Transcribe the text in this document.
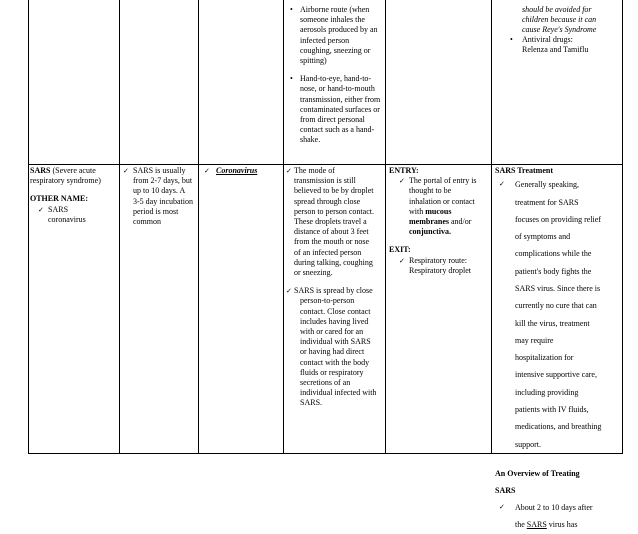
• Airborne route (when
someone inhales the
aerosols produced by an
infected person
coughing, sneezing or
spitting)
• Hand-to-eye, hand-to-
nose, or hand-to-mouth
transmission, either from
contaminated surfaces or
from direct personal
contact such as a hand-
shake.
should be avoided for
children because it can
cause Reye's Syndrome
• Antiviral drugs:
Relenza and Tamiflu
SARS (Severe acute
respiratory syndrome)
OTHER NAME:
✓ SARS
coronavirus
✓ SARS is usually
from 2-7 days, but
up to 10 days. A
3-5 day incubation
period is most
common
✓ Coronavirus	✓ The mode of
transmission is still
believed to be by droplet
spread through close
person to person contact.
These droplets travel a
distance of about 3 feet
from the mouth or nose
of an infected person
during talking, coughing
or sneezing.
✓ SARS is spread by close
person-to-person
contact. Close contact
includes having lived
with or cared for an
individual with SARS
or having had direct
contact with the body
fluids or respiratory
secretions of an
individual infected with
SARS.
ENTRY:
✓ The portal of entry is
thought to be
inhalation or contact
with mucous
membranes and/or
conjunctiva.
EXIT:
✓ Respiratory route:
Respiratory droplet
SARS Treatment
✓ Generally speaking,
treatment for SARS
focuses on providing relief
of symptoms and
complications while the
patient's body fights the
SARS virus. Since there is
currently no cure that can
kill the virus, treatment
may require
hospitalization for
intensive supportive care,
including providing
patients with IV fluids,
medications, and breathing
support.
An Overview of Treating
SARS
✓ About 2 to 10 days after
the SARS virus has
